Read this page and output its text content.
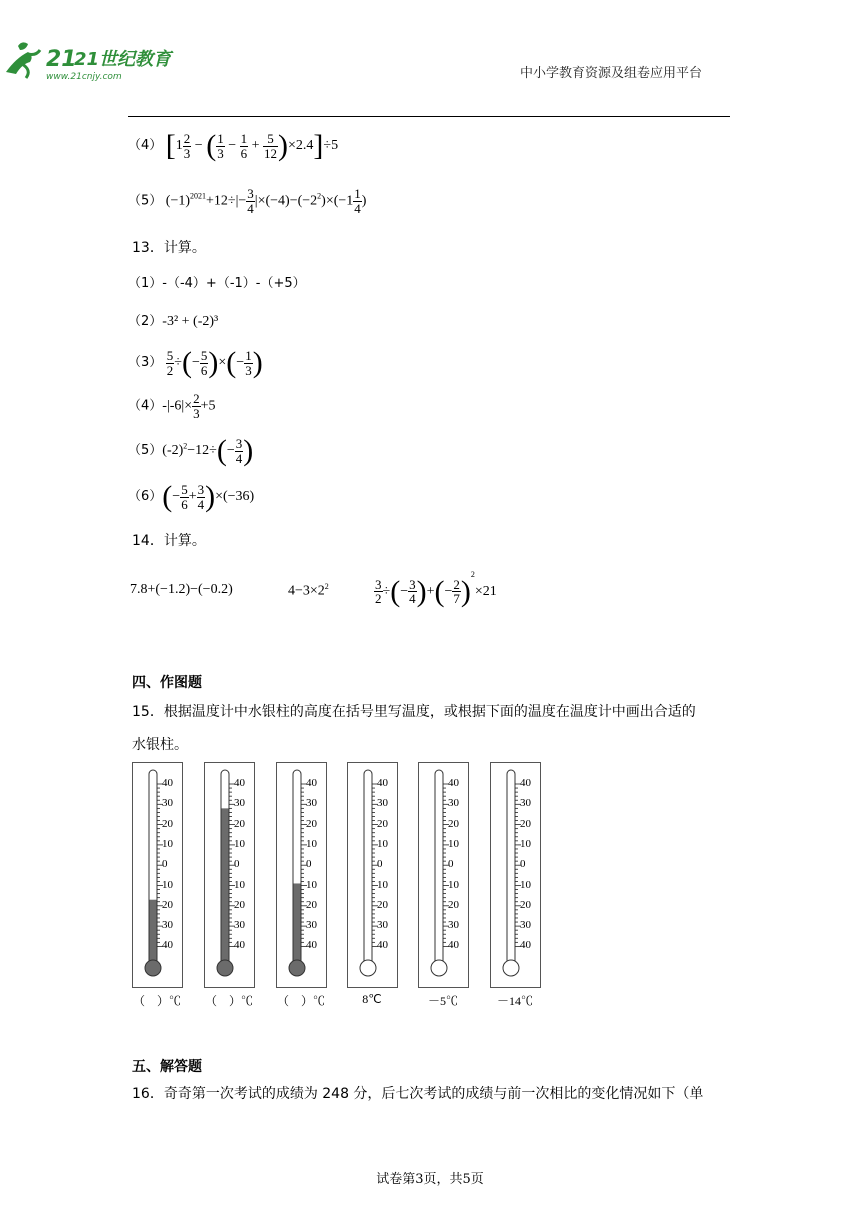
21
21世纪教育
www.21cnjy.com	中小学教育资源及组卷应用平台
（4） [$1 \frac{2}{3}$ − ( $\frac{1}{3} - \frac{1}{6} + \frac{5}{12} )\times 2.4]\div 5$
（5） $(-1)^{2021}+12\div|- \frac{3}{4} |\times(-4)-(-2^2)\times(-1 \frac{1}{4}$ )
13．计算。
（1）-（-4）+（-1）-（+5）
（2）-3² + (-2)³
$(3) \frac{5}{2}$ ÷(− $\frac{5}{6}$ )×(− $\frac{1}{3}$ )
$(4)-|-6|\times \frac{2}{3} +5$
$(5)(-2)^2-12\div(- \frac{3}{4}$ )
$(6)(- \frac{5}{6} + \frac{3}{4} )\times(-36)$
14．计算。
7.8+(−1.2)−(−0.2)	$4-3\times 2^2$	$\frac{3}{2}$ ÷(− $\frac{3}{4}$ )+(− $\frac{2}{7} )^2\times 21$
四、作图题
15．根据温度计中水银柱的高度在括号里写温度，或根据下面的温度在温度计中画出合适的
水银柱。
40
30
20
10
0
10
20
30
40
（　）℃
40
30
20
10
0
10
20
30
40
（　）℃
40
30
20
10
0
10
20
30
40
（　）℃
40
30
20
10
0
10
20
30
40
8℃
40
30
20
10
0
10
20
30
40
－5℃
40
30
20
10
0
10
20
30
40
－14℃
五、解答题
16．奇奇第一次考试的成绩为 248 分，后七次考试的成绩与前一次相比的变化情况如下（单
试卷第3页，共5页
